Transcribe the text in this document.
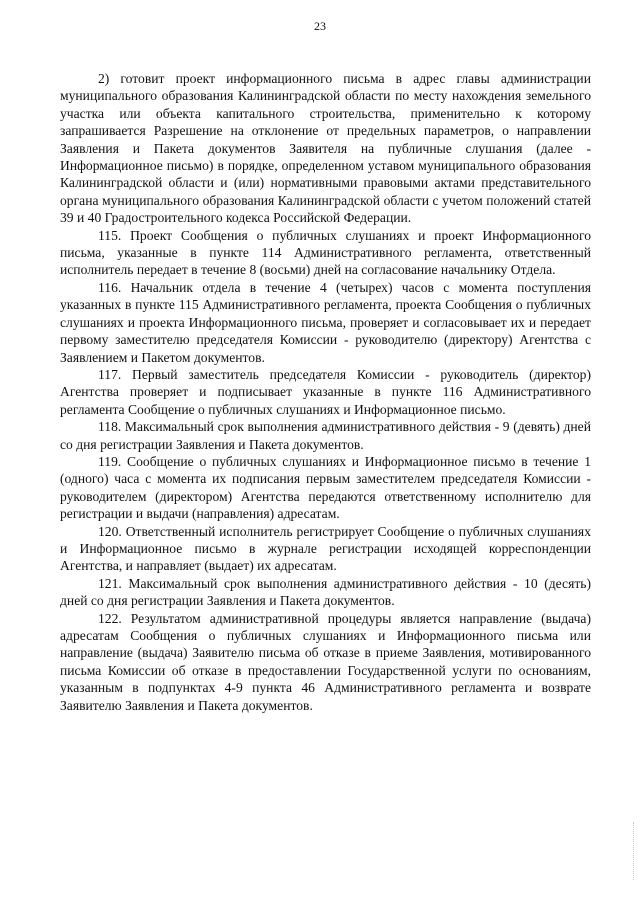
23

2) готовит проект информационного письма в адрес главы администрации муниципального образования Калининградской области по месту нахождения земельного участка или объекта капитального строительства, применительно к которому запрашивается Разрешение на отклонение от предельных параметров, о направлении Заявления и Пакета документов Заявителя на публичные слушания (далее - Информационное письмо) в порядке, определенном уставом муниципального образования Калининградской области и (или) нормативными правовыми актами представительного органа муниципального образования Калининградской области с учетом положений статей 39 и 40 Градостроительного кодекса Российской Федерации.

115. Проект Сообщения о публичных слушаниях и проект Информационного письма, указанные в пункте 114 Административного регламента, ответственный исполнитель передает в течение 8 (восьми) дней на согласование начальнику Отдела.

116. Начальник отдела в течение 4 (четырех) часов с момента поступления указанных в пункте 115 Административного регламента, проекта Сообщения о публичных слушаниях и проекта Информационного письма, проверяет и согласовывает их и передает первому заместителю председателя Комиссии - руководителю (директору) Агентства с Заявлением и Пакетом документов.

117. Первый заместитель председателя Комиссии - руководитель (директор) Агентства проверяет и подписывает указанные в пункте 116 Административного регламента Сообщение о публичных слушаниях и Информационное письмо.

118. Максимальный срок выполнения административного действия - 9 (девять) дней со дня регистрации Заявления и Пакета документов.

119. Сообщение о публичных слушаниях и Информационное письмо в течение 1 (одного) часа с момента их подписания первым заместителем председателя Комиссии - руководителем (директором) Агентства передаются ответственному исполнителю для регистрации и выдачи (направления) адресатам.

120. Ответственный исполнитель регистрирует Сообщение о публичных слушаниях и Информационное письмо в журнале регистрации исходящей корреспонденции Агентства, и направляет (выдает) их адресатам.

121. Максимальный срок выполнения административного действия - 10 (десять) дней со дня регистрации Заявления и Пакета документов.

122. Результатом административной процедуры является направление (выдача) адресатам Сообщения о публичных слушаниях и Информационного письма или направление (выдача) Заявителю письма об отказе в приеме Заявления, мотивированного письма Комиссии об отказе в предоставлении Государственной услуги по основаниям, указанным в подпунктах 4-9 пункта 46 Административного регламента и возврате Заявителю Заявления и Пакета документов.
